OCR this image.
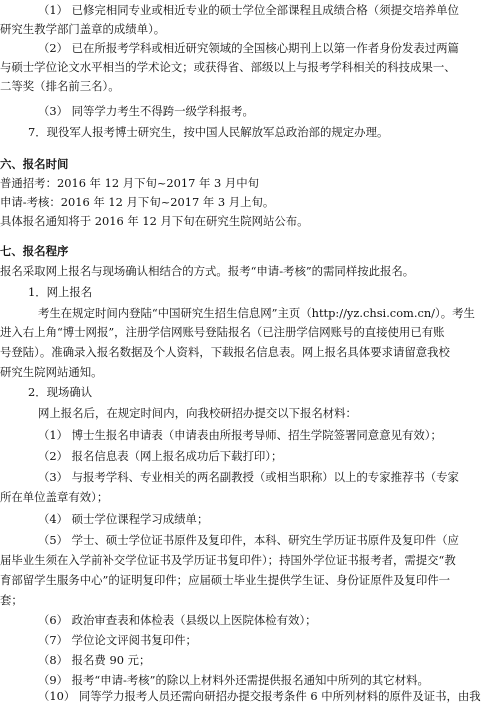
（1） 已修完相同专业或相近专业的硕士学位全部课程且成绩合格（须提交培养单位
研究生教学部门盖章的成绩单）。
（2） 已在所报考学科或相近研究领域的全国核心期刊上以第一作者身份发表过两篇
与硕士学位论文水平相当的学术论文；或获得省、部级以上与报考学科相关的科技成果一、
二等奖（排名前三名）。
（3） 同等学力考生不得跨一级学科报考。
7．现役军人报考博士研究生，按中国人民解放军总政治部的规定办理。
六、报名时间
普通招考：2016 年 12 月下旬~2017 年 3 月中旬
申请-考核：2016 年 12 月下旬~2017 年 3 月上旬。
具体报名通知将于 2016 年 12 月下旬在研究生院网站公布。
七、报名程序
报名采取网上报名与现场确认相结合的方式。报考“申请-考核”的需同样按此报名。
1．网上报名
考生在规定时间内登陆“中国研究生招生信息网”主页（http://yz.chsi.com.cn/）。考生
进入右上角“博士网报”，注册学信网账号登陆报名（已注册学信网账号的直接使用已有账
号登陆）。准确录入报名数据及个人资料，下载报名信息表。网上报名具体要求请留意我校
研究生院网站通知。
2．现场确认
网上报名后，在规定时间内，向我校研招办提交以下报名材料：
（1） 博士生报名申请表（申请表由所报考导师、招生学院签署同意意见有效）；
（2） 报名信息表（网上报名成功后下载打印）；
（3） 与报考学科、专业相关的两名副教授（或相当职称）以上的专家推荐书（专家
所在单位盖章有效）；
（4） 硕士学位课程学习成绩单；
（5） 学士、硕士学位证书原件及复印件，本科、研究生学历证书原件及复印件（应
届毕业生须在入学前补交学位证书及学历证书复印件）；持国外学位证书报考者，需提交“教
育部留学生服务中心”的证明复印件；应届硕士毕业生提供学生证、身份证原件及复印件一
套；
（6） 政治审查表和体检表（县级以上医院体检有效）；
（7） 学位论文评阅书复印件；
（8） 报名费 90 元；
（9） 报考“申请-考核”的除以上材料外还需提供报名通知中所列的其它材料。
（10） 同等学力报考人员还需向研招办提交报考条件 6 中所列材料的原件及证书，由我
